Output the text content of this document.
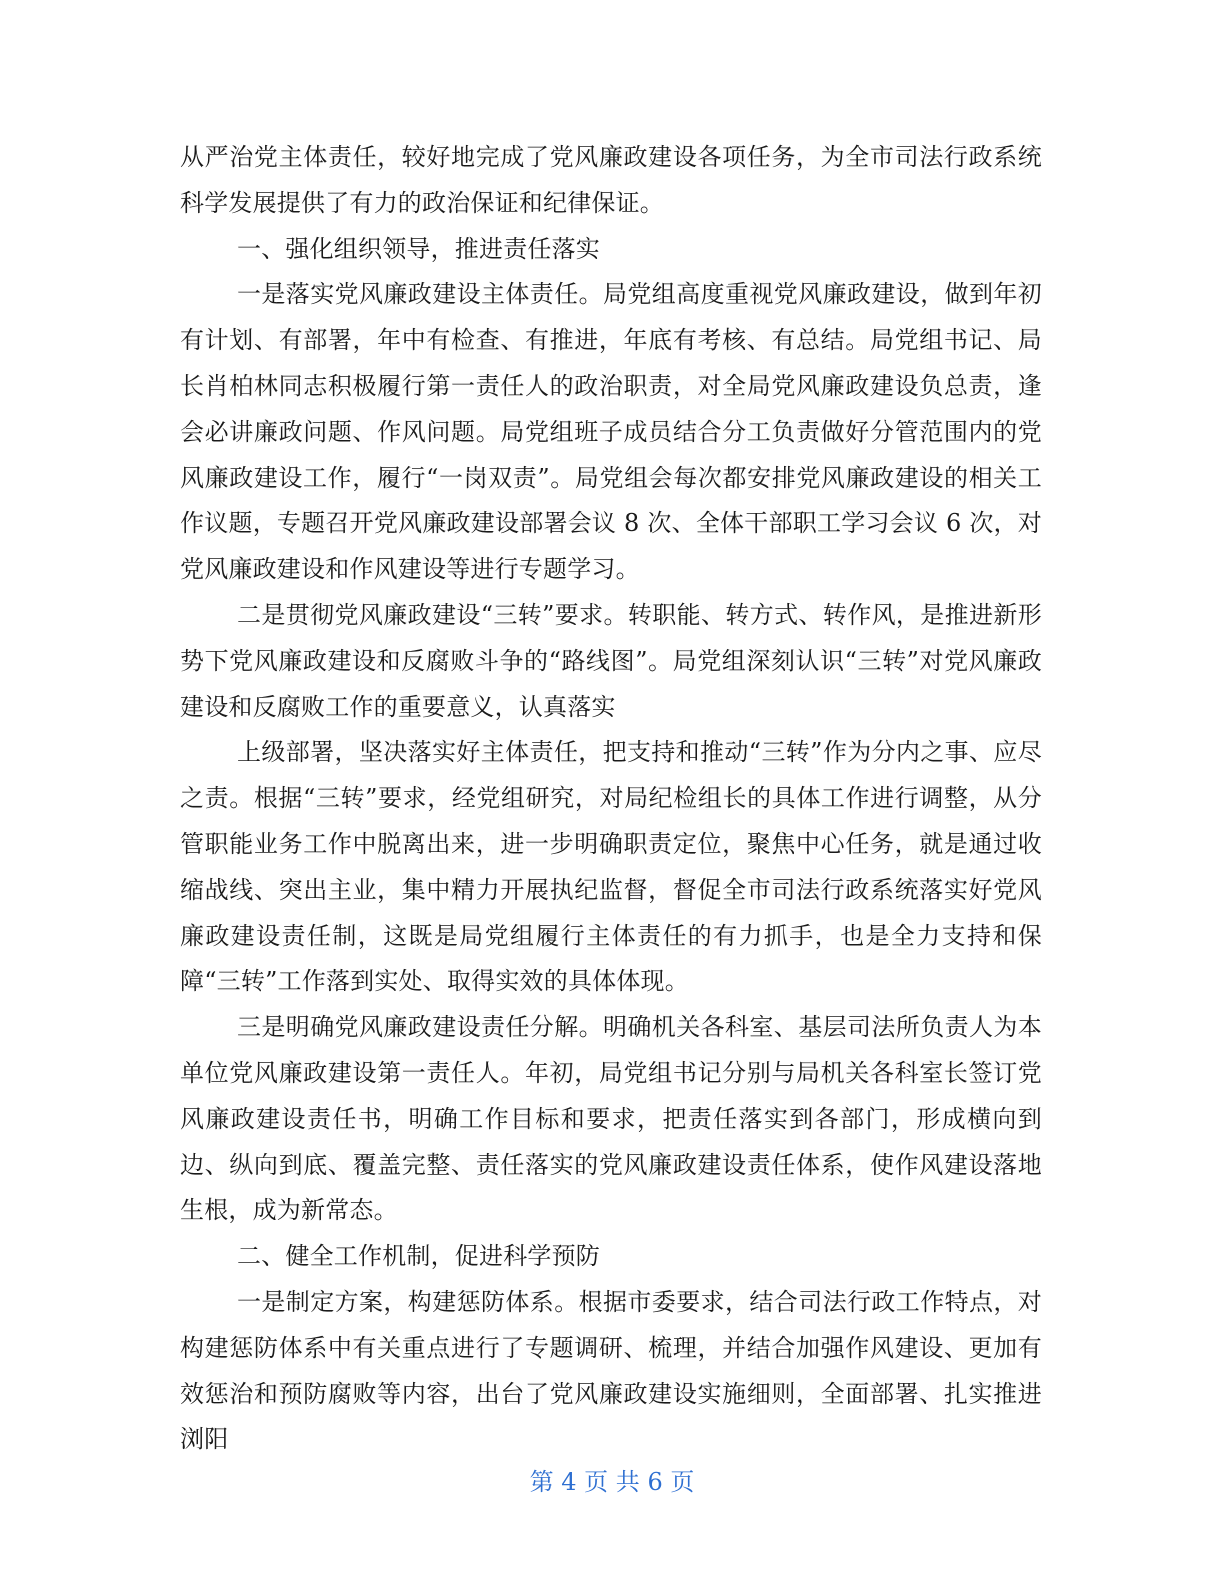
从严治党主体责任，较好地完成了党风廉政建设各项任务，为全市司法行政系统科学发展提供了有力的政治保证和纪律保证。

一、强化组织领导，推进责任落实

一是落实党风廉政建设主体责任。局党组高度重视党风廉政建设，做到年初有计划、有部署，年中有检查、有推进，年底有考核、有总结。局党组书记、局长肖柏林同志积极履行第一责任人的政治职责，对全局党风廉政建设负总责，逢会必讲廉政问题、作风问题。局党组班子成员结合分工负责做好分管范围内的党风廉政建设工作，履行“一岗双责”。局党组会每次都安排党风廉政建设的相关工作议题，专题召开党风廉政建设部署会议 8 次、全体干部职工学习会议 6 次，对党风廉政建设和作风建设等进行专题学习。

二是贯彻党风廉政建设“三转”要求。转职能、转方式、转作风，是推进新形势下党风廉政建设和反腐败斗争的“路线图”。局党组深刻认识“三转”对党风廉政建设和反腐败工作的重要意义，认真落实

上级部署，坚决落实好主体责任，把支持和推动“三转”作为分内之事、应尽之责。根据“三转”要求，经党组研究，对局纪检组长的具体工作进行调整，从分管职能业务工作中脱离出来，进一步明确职责定位，聚焦中心任务，就是通过收缩战线、突出主业，集中精力开展执纪监督，督促全市司法行政系统落实好党风廉政建设责任制，这既是局党组履行主体责任的有力抓手，也是全力支持和保障“三转”工作落到实处、取得实效的具体体现。

三是明确党风廉政建设责任分解。明确机关各科室、基层司法所负责人为本单位党风廉政建设第一责任人。年初，局党组书记分别与局机关各科室长签订党风廉政建设责任书，明确工作目标和要求，把责任落实到各部门，形成横向到边、纵向到底、覆盖完整、责任落实的党风廉政建设责任体系，使作风建设落地生根，成为新常态。

二、健全工作机制，促进科学预防

一是制定方案，构建惩防体系。根据市委要求，结合司法行政工作特点，对构建惩防体系中有关重点进行了专题调研、梳理，并结合加强作风建设、更加有效惩治和预防腐败等内容，出台了党风廉政建设实施细则，全面部署、扎实推进浏阳

第 4 页 共 6 页
